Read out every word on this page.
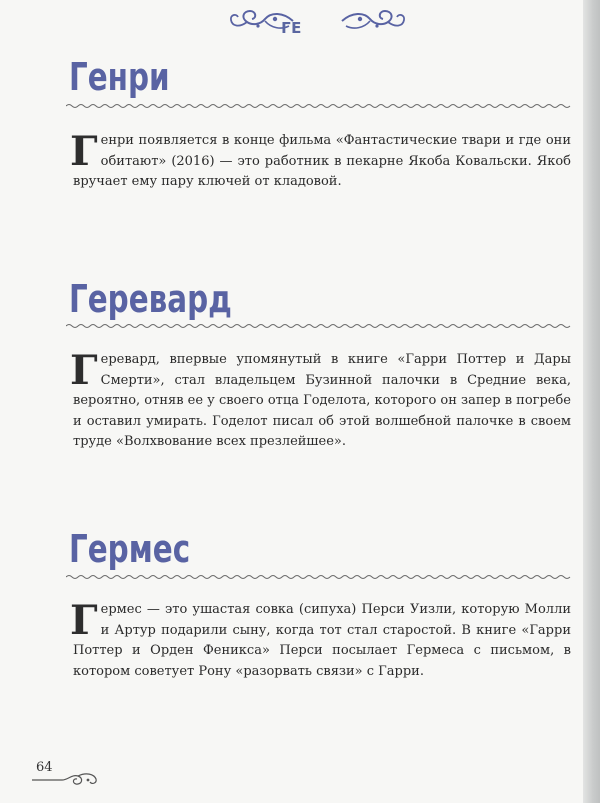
ГЕ
Генри
Генри появляется в конце фильма «Фантастические твари и где они обитают» (2016) — это работник в пекарне Якоба Ковальски. Якоб вручает ему пару ключей от кладовой.
Геревард
Геревард, впервые упомянутый в книге «Гарри Поттер и Дары Смерти», стал владельцем Бузинной палочки в Средние века, вероятно, отняв ее у своего отца Годелота, которого он запер в погребе и оставил умирать. Годелот писал об этой волшебной палочке в своем труде «Волхвование всех презлейшее».
Гермес
Гермес — это ушастая совка (сипуха) Перси Уизли, которую Молли и Артур подарили сыну, когда тот стал старостой. В книге «Гарри Поттер и Орден Феникса» Перси посылает Гермеса с письмом, в котором советует Рону «разорвать связи» с Гарри.
64
